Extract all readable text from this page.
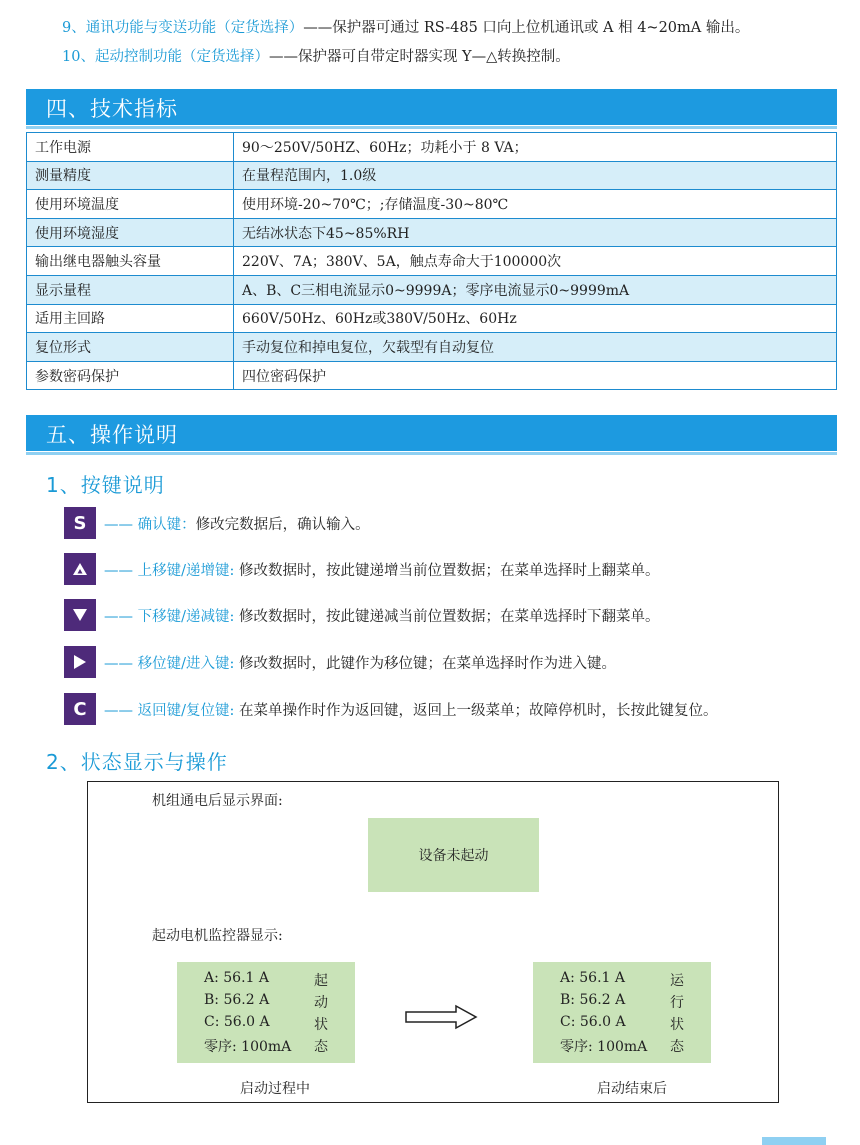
9、通讯功能与变送功能（定货选择）——保护器可通过 RS-485 口向上位机通讯或 A 相 4~20mA 输出。
10、起动控制功能（定货选择）——保护器可自带定时器实现 Y—△转换控制。
四、技术指标
工作电源	90～250V/50HZ、60Hz；功耗小于 8 VA；
测量精度	在量程范围内，1.0级
使用环境温度	使用环境-20~70℃；;存储温度-30~80℃
使用环境湿度	无结冰状态下45~85%RH
输出继电器触头容量	220V、7A；380V、5A，触点寿命大于100000次
显示量程	A、B、C三相电流显示0~9999A；零序电流显示0~9999mA
适用主回路	660V/50Hz、60Hz或380V/50Hz、60Hz
复位形式	手动复位和掉电复位，欠载型有自动复位
参数密码保护	四位密码保护
五、操作说明
1、按键说明
S	—— 确认键：修改完数据后，确认输入。
—— 上移键/递增键: 修改数据时，按此键递增当前位置数据；在菜单选择时上翻菜单。
—— 下移键/递减键: 修改数据时，按此键递减当前位置数据；在菜单选择时下翻菜单。
—— 移位键/进入键: 修改数据时，此键作为移位键；在菜单选择时作为进入键。
C	—— 返回键/复位键: 在菜单操作时作为返回键，返回上一级菜单；故障停机时，长按此键复位。
2、状态显示与操作
机组通电后显示界面:
设备未起动
起动电机监控器显示:
A: 56.1 A	起
B: 56.2 A	动
C: 56.0 A	状
零序: 100mA 态
A: 56.1 A	运
B: 56.2 A	行
C: 56.0 A	状
零序: 100mA 态
启动过程中	启动结束后
